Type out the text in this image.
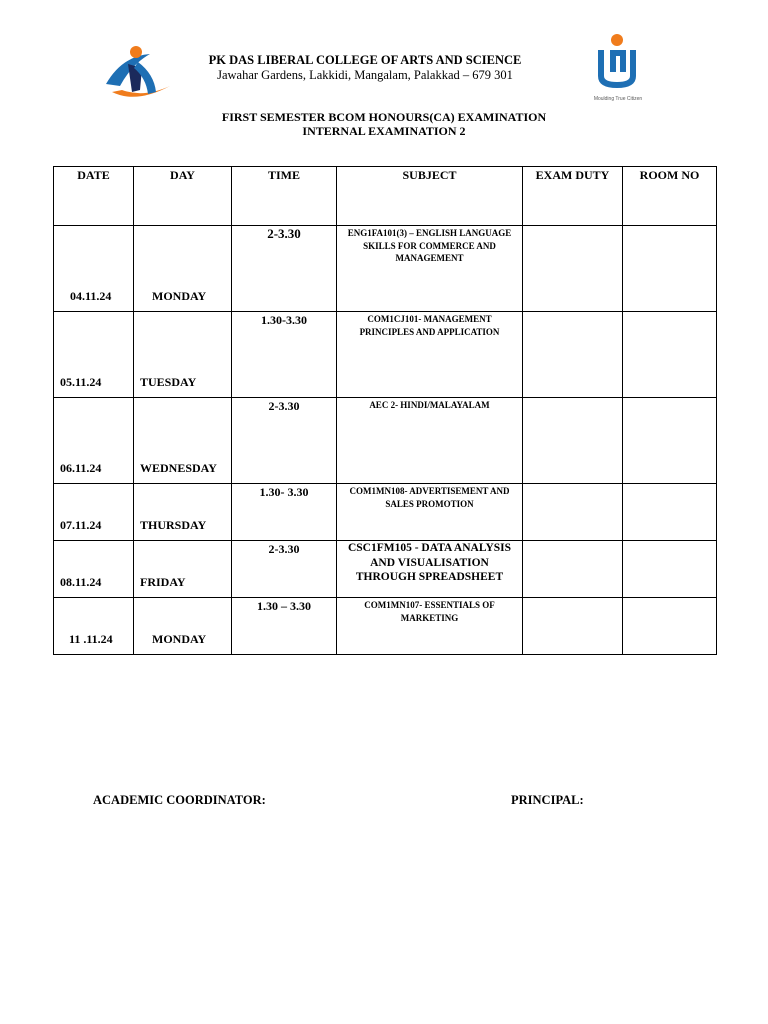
PK DAS LIBERAL COLLEGE OF ARTS AND SCIENCE
Jawahar Gardens, Lakkidi, Mangalam, Palakkad – 679 301
Moulding True Citizen
FIRST SEMESTER BCOM HONOURS(CA) EXAMINATION
INTERNAL EXAMINATION 2
DATE	DAY	TIME	SUBJECT	EXAM DUTY	ROOM NO

04.11.24	MONDAY	2-3.30	ENG1FA101(3) – ENGLISH LANGUAGE SKILLS FOR COMMERCE AND MANAGEMENT		

05.11.24	TUESDAY	1.30-3.30	COM1CJ101- MANAGEMENT PRINCIPLES AND APPLICATION		

06.11.24	WEDNESDAY	2-3.30	AEC 2- HINDI/MALAYALAM		

07.11.24	THURSDAY	1.30- 3.30	COM1MN108- ADVERTISEMENT AND SALES PROMOTION		

08.11.24	FRIDAY	2-3.30	CSC1FM105 - DATA ANALYSIS AND VISUALISATION THROUGH SPREADSHEET		

11 .11.24	MONDAY	1.30 – 3.30	COM1MN107- ESSENTIALS OF MARKETING		

ACADEMIC COORDINATOR:	PRINCIPAL:
